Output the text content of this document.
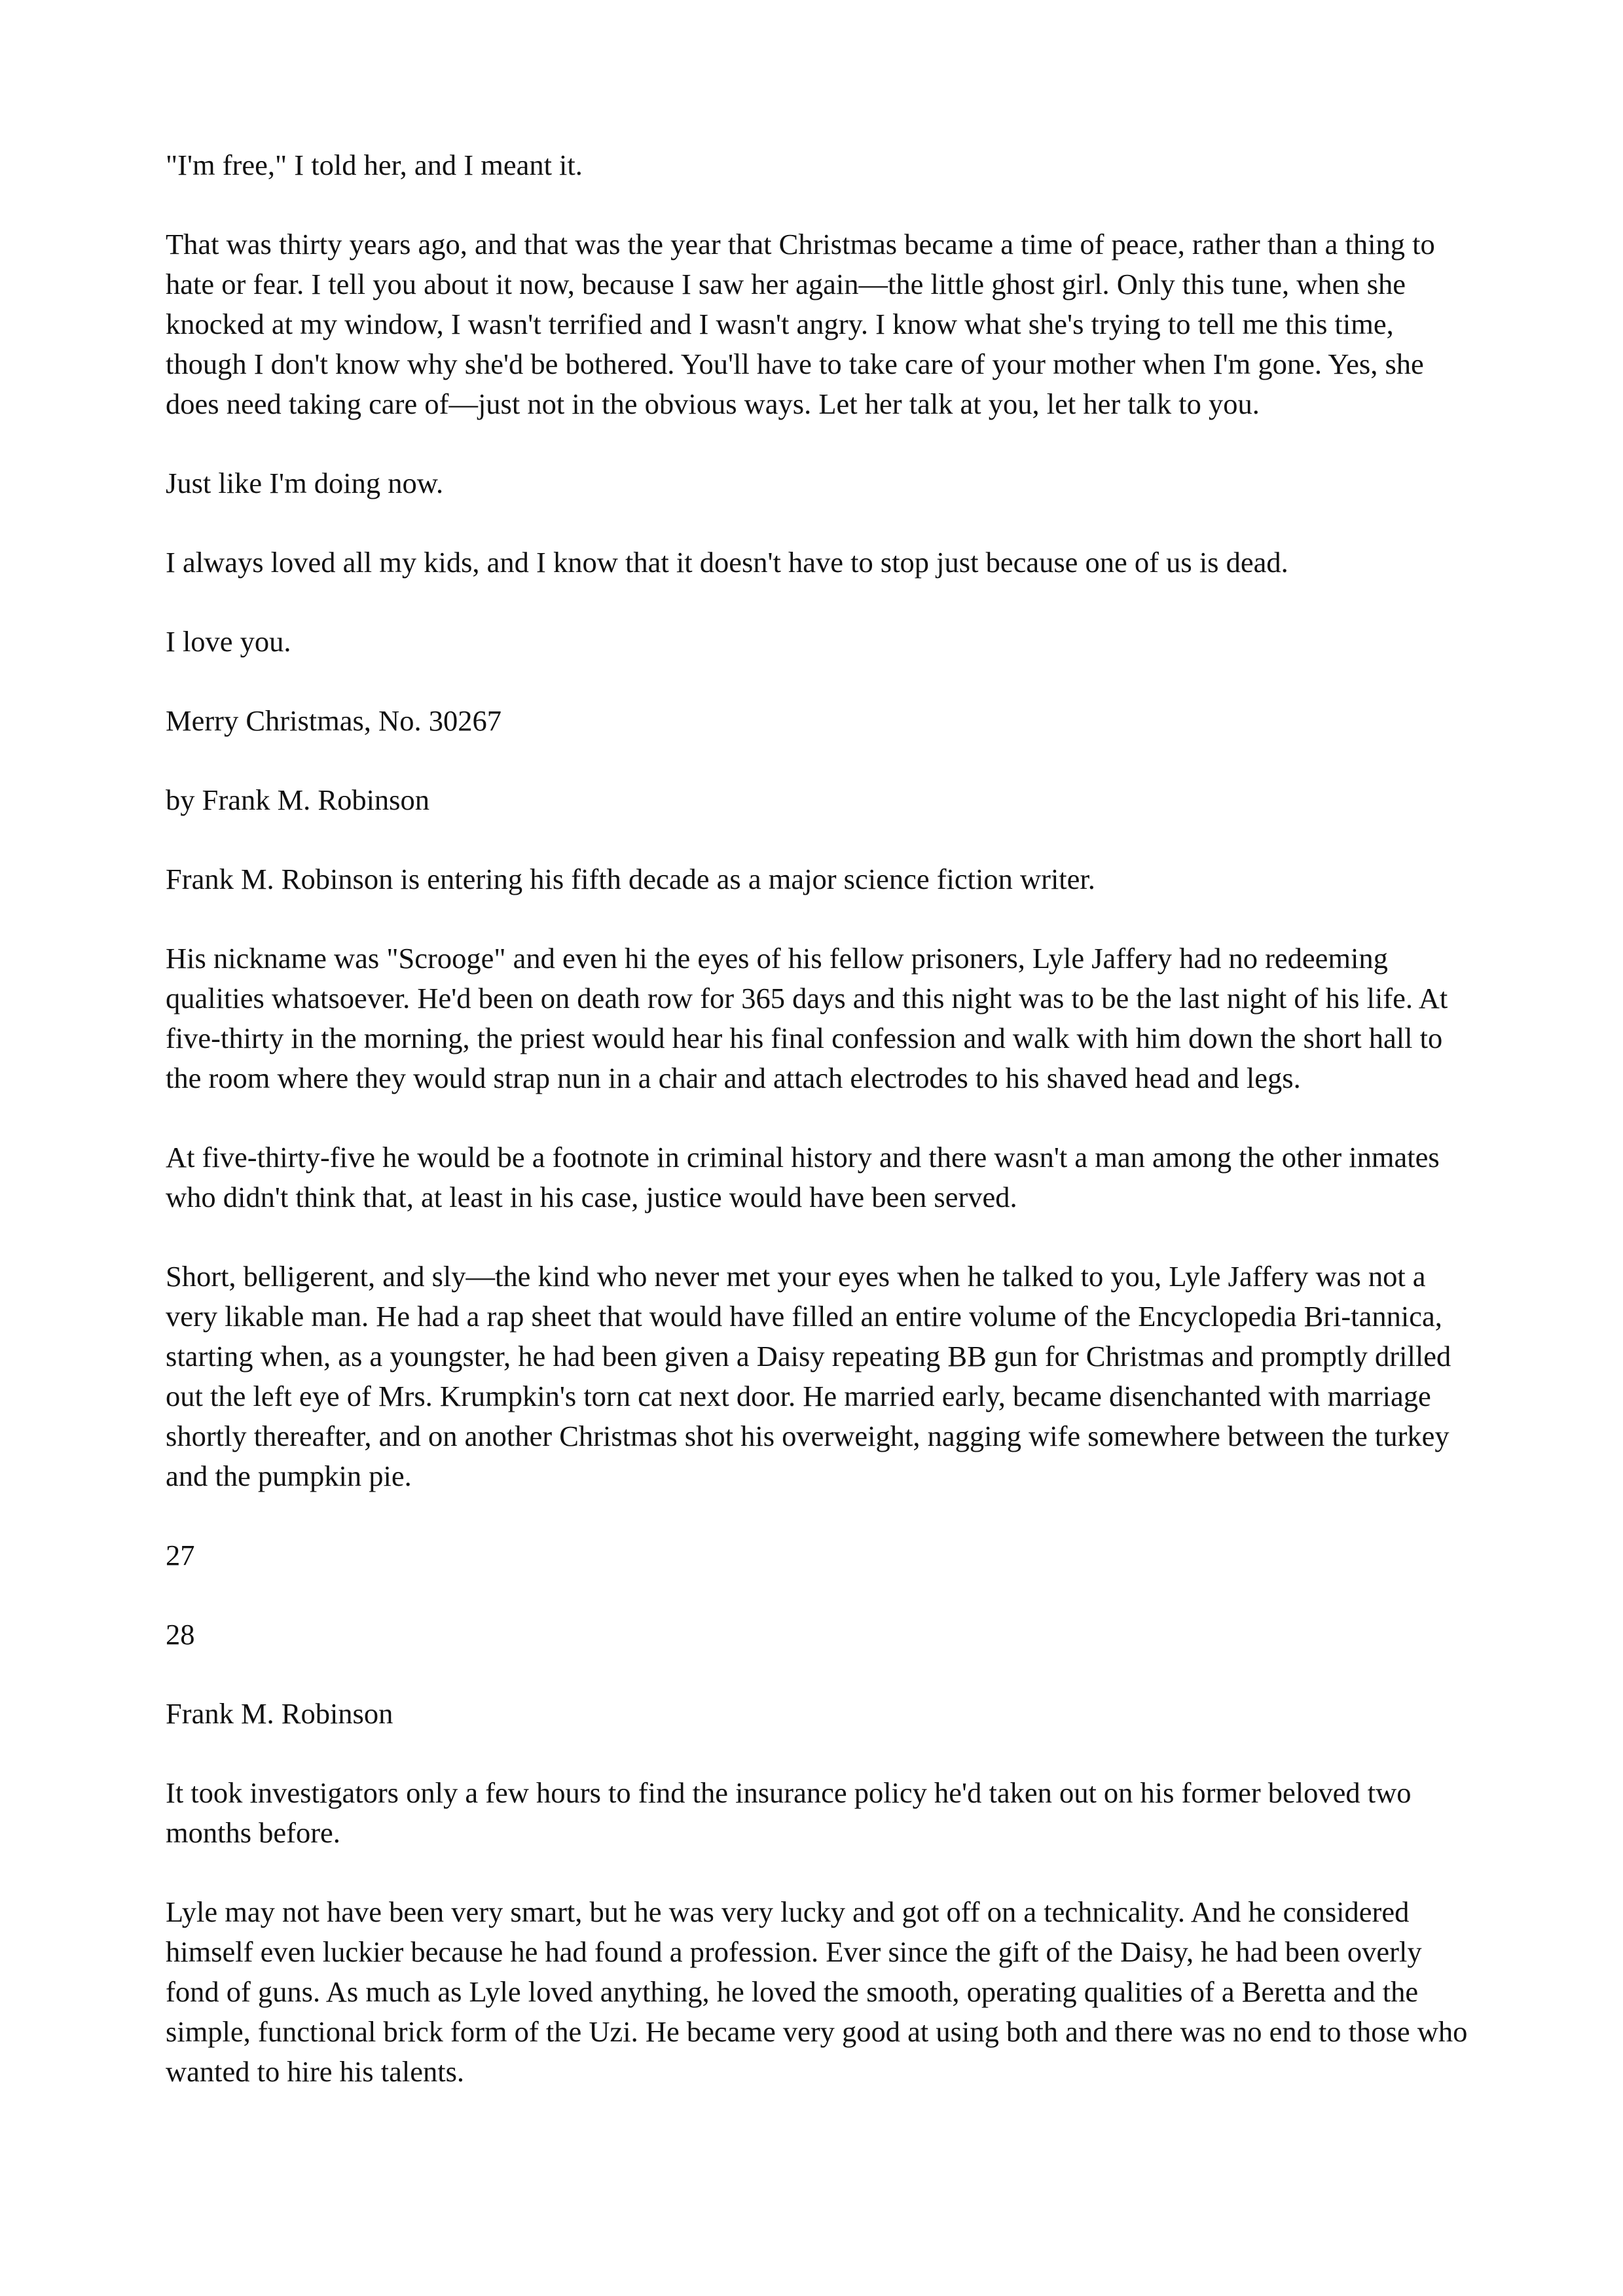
"I'm free," I told her, and I meant it.

That was thirty years ago, and that was the year that Christmas became a time of peace, rather than a thing to hate or fear. I tell you about it now, because I saw her again—the little ghost girl. Only this tune, when she knocked at my window, I wasn't terrified and I wasn't angry. I know what she's trying to tell me this time, though I don't know why she'd be bothered. You'll have to take care of your mother when I'm gone. Yes, she does need taking care of—just not in the obvious ways. Let her talk at you, let her talk to you.

Just like I'm doing now.

I always loved all my kids, and I know that it doesn't have to stop just because one of us is dead.

I love you.

Merry Christmas, No. 30267

by Frank M. Robinson

Frank M. Robinson is entering his fifth decade as a major science fiction writer.

His nickname was "Scrooge" and even hi the eyes of his fellow prisoners, Lyle Jaffery had no redeeming qualities whatsoever. He'd been on death row for 365 days and this night was to be the last night of his life. At five-thirty in the morning, the priest would hear his final confession and walk with him down the short hall to the room where they would strap nun in a chair and attach electrodes to his shaved head and legs.

At five-thirty-five he would be a footnote in criminal history and there wasn't a man among the other inmates who didn't think that, at least in his case, justice would have been served.

Short, belligerent, and sly—the kind who never met your eyes when he talked to you, Lyle Jaffery was not a very likable man. He had a rap sheet that would have filled an entire volume of the Encyclopedia Bri-tannica, starting when, as a youngster, he had been given a Daisy repeating BB gun for Christmas and promptly drilled out the left eye of Mrs. Krumpkin's torn cat next door. He married early, became disenchanted with marriage shortly thereafter, and on another Christmas shot his overweight, nagging wife somewhere between the turkey and the pumpkin pie.

27

28

Frank M. Robinson

It took investigators only a few hours to find the insurance policy he'd taken out on his former beloved two months before.

Lyle may not have been very smart, but he was very lucky and got off on a technicality. And he considered himself even luckier because he had found a profession. Ever since the gift of the Daisy, he had been overly fond of guns. As much as Lyle loved anything, he loved the smooth, operating qualities of a Beretta and the simple, functional brick form of the Uzi. He became very good at using both and there was no end to those who wanted to hire his talents.
